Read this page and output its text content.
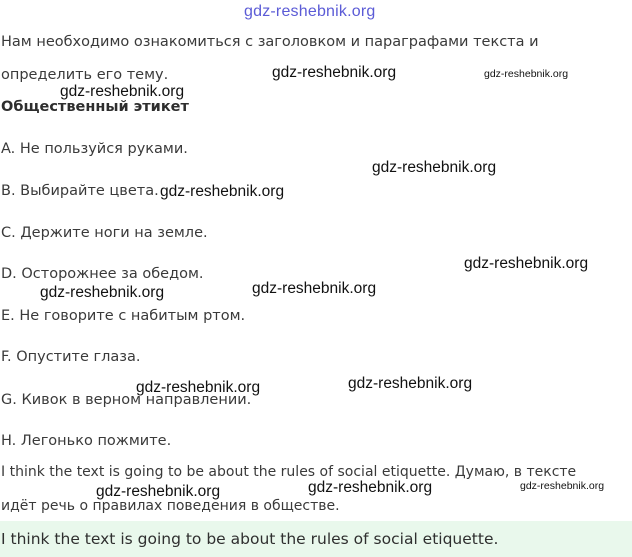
gdz-reshebnik.org
Нам необходимо ознакомиться с заголовком и параграфами текста и
определить его тему.
Общественный этикет
A. Не пользуйся руками.
B. Выбирайте цвета.
C. Держите ноги на земле.
D. Осторожнее за обедом.
E. Не говорите с набитым ртом.
F. Опустите глаза.
G. Кивок в верном направлении.
H. Легонько пожмите.
I think the text is going to be about the rules of social etiquette. Думаю, в тексте
идёт речь о правилах поведения в обществе.
I think the text is going to be about the rules of social etiquette.
gdz-reshebnik.org	gdz-reshebnik.org
gdz-reshebnik.org
gdz-reshebnik.org
gdz-reshebnik.org
gdz-reshebnik.org
gdz-reshebnik.org	gdz-reshebnik.org
gdz-reshebnik.org	gdz-reshebnik.org
gdz-reshebnik.org	gdz-reshebnik.org	gdz-reshebnik.org
